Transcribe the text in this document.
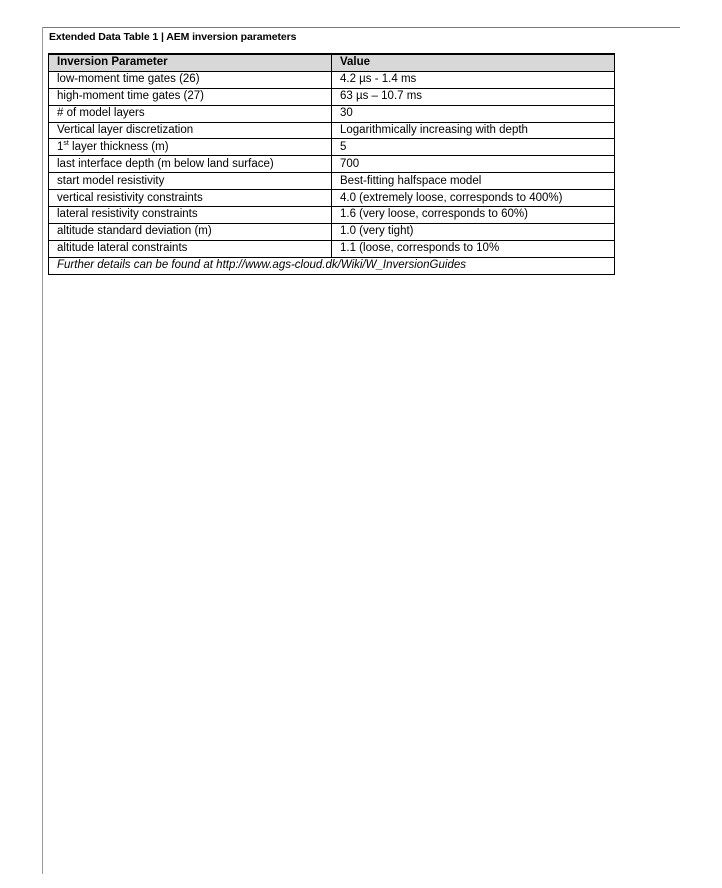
Extended Data Table 1 | AEM inversion parameters
Inversion Parameter	Value
low-moment time gates (26)	4.2 µs - 1.4 ms
high-moment time gates (27)	63 µs – 10.7 ms
# of model layers	30
Vertical layer discretization	Logarithmically increasing with depth
1st layer thickness (m)	5
last interface depth (m below land surface)	700
start model resistivity	Best-fitting halfspace model
vertical resistivity constraints	4.0 (extremely loose, corresponds to 400%)
lateral resistivity constraints	1.6 (very loose, corresponds to 60%)
altitude standard deviation (m)	1.0 (very tight)
altitude lateral constraints	1.1 (loose, corresponds to 10%
Further details can be found at http://www.ags-cloud.dk/Wiki/W_InversionGuides	
